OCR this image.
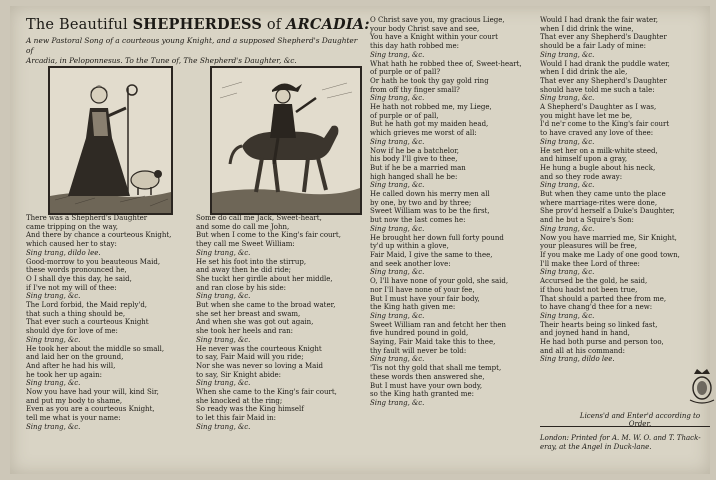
The Beautiful SHEPHERDESS of ARCADIA:
A new Pastoral Song of a courteous young Knight, and a supposed Shepherd's Daughter of
Arcadia, in Peloponnesus. To the Tune of, The Shepherd's Daughter, &c.
There was a Shepherd's Daughter
came tripping on the way,
And there by chance a courteous Knight,
which caused her to stay:
Sing trang, dildo lee.
Good-morrow to you beauteous Maid,
these words pronounced he,
O I shall dye this day, he said,
if I've not my will of thee:
Sing trang, &c.
The Lord forbid, the Maid reply'd,
that such a thing should be,
That ever such a courteous Knight
should dye for love of me:
Sing trang, &c.
He took her about the middle so small,
and laid her on the ground,
And after he had his will,
he took her up again:
Sing trang, &c.
Now you have had your will, kind Sir,
and put my body to shame,
Even as you are a courteous Knight,
tell me what is your name:
Sing trang, &c.
Some do call me Jack, Sweet-heart,
and some do call me John,
But when I come to the King's fair court,
they call me Sweet William:
Sing trang, &c.
He set his foot into the stirrup,
and away then he did ride;
She tuckt her girdle about her middle,
and ran close by his side:
Sing trang, &c.
But when she came to the broad water,
she set her breast and swam,
And when she was got out again,
she took her heels and ran:
Sing trang, &c.
He never was the courteous Knight
to say, Fair Maid will you ride;
Nor she was never so loving a Maid
to say, Sir Knight abide:
Sing trang, &c.
When she came to the King's fair court,
she knocked at the ring;
So ready was the King himself
to let this fair Maid in:
Sing trang, &c.
O Christ save you, my gracious Liege,
your body Christ save and see,
You have a Knight within your court
this day hath robbed me:
Sing trang, &c.
What hath he robbed thee of, Sweet-heart,
of purple or of pall?
Or hath he took thy gay gold ring
from off thy finger small?
Sing trang, &c.
He hath not robbed me, my Liege,
of purple or of pall,
But he hath got my maiden head,
which grieves me worst of all:
Sing trang, &c.
Now if he be a batchelor,
his body I'll give to thee,
But if he be a married man
high hanged shall he be:
Sing trang, &c.
He called down his merry men all
by one, by two and by three;
Sweet William was to be the first,
but now the last comes he:
Sing trang, &c.
He brought her down full forty pound
ty'd up within a glove,
Fair Maid, I give the same to thee,
and seek another love:
Sing trang, &c.
O, I'll have none of your gold, she said,
nor I'll have none of your fee,
But I must have your fair body,
the King hath given me:
Sing trang, &c.
Sweet William ran and fetcht her then
five hundred pound in gold,
Saying, Fair Maid take this to thee,
thy fault will never be told:
Sing trang, &c.
'Tis not thy gold that shall me tempt,
these words then answered she,
But I must have your own body,
so the King hath granted me:
Sing trang, &c.
Would I had drank the fair water,
when I did drink the wine,
That ever any Shepherd's Daughter
should be a fair Lady of mine:
Sing trang, &c.
Would I had drank the puddle water,
when I did drink the ale,
That ever any Shepherd's Daughter
should have told me such a tale:
Sing trang, &c.
A Shepherd's Daughter as I was,
you might have let me be,
I'd ne'r come to the King's fair court
to have craved any love of thee:
Sing trang, &c.
He set her on a milk-white steed,
and himself upon a gray,
He hung a bugle about his neck,
and so they rode away:
Sing trang, &c.
But when they came unto the place
where marriage-rites were done,
She prov'd herself a Duke's Daughter,
and he but a Squire's Son:
Sing trang, &c.
Now you have married me, Sir Knight,
your pleasures will be free,
If you make me Lady of one good town,
I'll make thee Lord of three:
Sing trang, &c.
Accursed be the gold, he said,
if thou hadst not been true,
That should a parted thee from me,
to have chang'd thee for a new:
Sing trang, &c.
Their hearts being so linked fast,
and joyned hand in hand,
He had both purse and person too,
and all at his command:
Sing trang, dildo lee.
Licens'd and Enter'd according to Order.
London: Printed for A. M. W. O. and T. Thack-
eray, at the Angel in Duck-lane.
